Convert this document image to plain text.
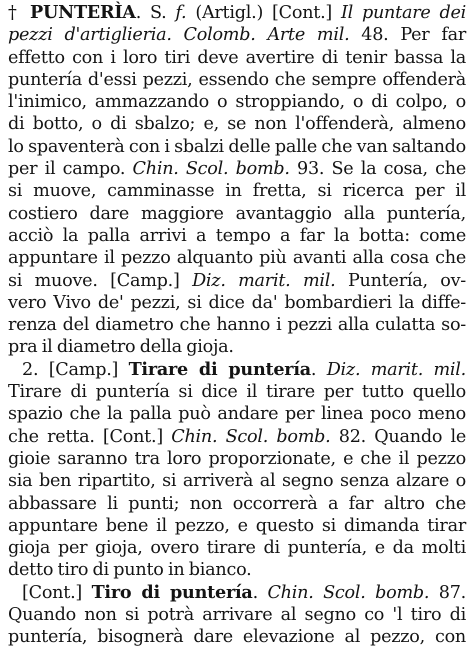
† PUNTERÌA. S. f. (Artigl.) [Cont.] Il puntare dei
pezzi d'artiglieria. Colomb. Arte mil. 48. Per far
effetto con i loro tiri deve avertire di tenir bassa la
puntería d'essi pezzi, essendo che sempre offenderà
l'inimico, ammazzando o stroppiando, o di colpo, o
di botto, o di sbalzo; e, se non l'offenderà, almeno
lo spaventerà con i sbalzi delle palle che van saltando
per il campo. Chin. Scol. bomb. 93. Se la cosa, che
si muove, camminasse in fretta, si ricerca per il
costiero dare maggiore avantaggio alla puntería,
acciò la palla arrivi a tempo a far la botta: come
appuntare il pezzo alquanto più avanti alla cosa che
si muove. [Camp.] Diz. marit. mil. Puntería, ov-
vero Vivo de' pezzi, si dice da' bombardieri la diffe-
renza del diametro che hanno i pezzi alla culatta so-
pra il diametro della gioja.
2. [Camp.] Tirare di puntería. Diz. marit. mil.
Tirare di puntería si dice il tirare per tutto quello
spazio che la palla può andare per linea poco meno
che retta. [Cont.] Chin. Scol. bomb. 82. Quando le
gioie saranno tra loro proporzionate, e che il pezzo
sia ben ripartito, si arriverà al segno senza alzare o
abbassare li punti; non occorrerà a far altro che
appuntare bene il pezzo, e questo si dimanda tirar
gioja per gioja, overo tirare di puntería, e da molti
detto tiro di punto in bianco.
[Cont.] Tiro di puntería. Chin. Scol. bomb. 87.
Quando non si potrà arrivare al segno co 'l tiro di
puntería, bisognerà dare elevazione al pezzo, con
